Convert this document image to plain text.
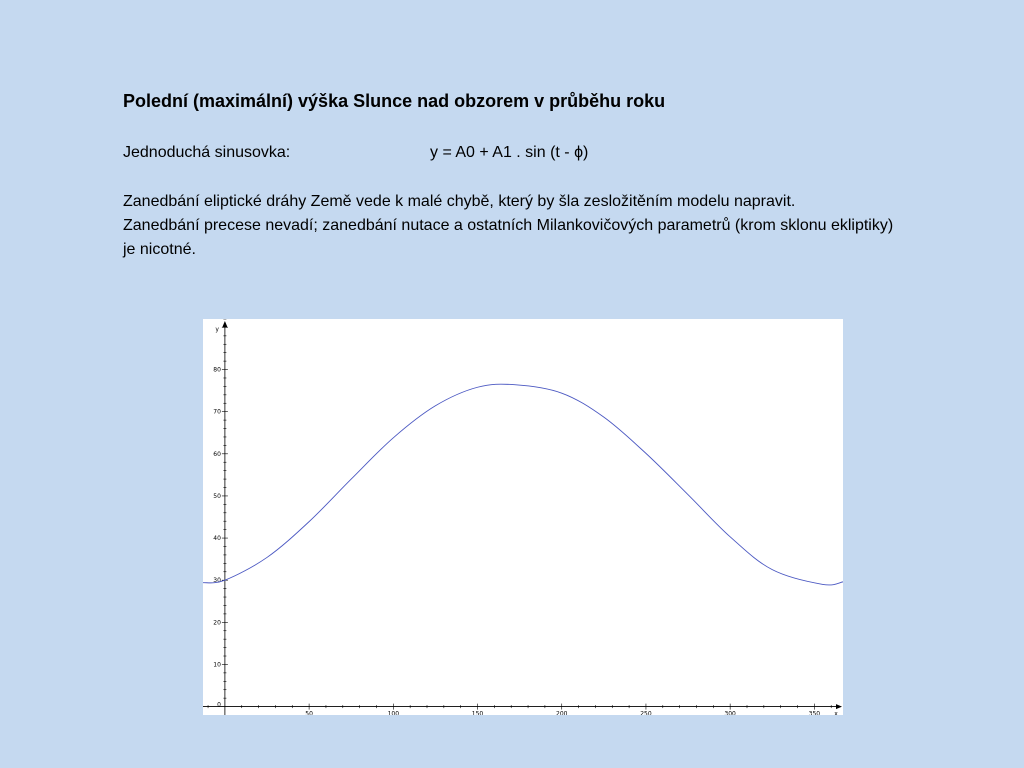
Polední (maximální) výška Slunce nad obzorem v průběhu roku
Jednoduchá sinusovka:	y = A0 + A1 . sin (t - ϕ)

Zanedbání eliptické dráhy Země vede k malé chybě, který by šla zesložitěním modelu napravit.

Zanedbání precese nevadí; zanedbání nutace a ostatních Milankovičových parametrů (krom sklonu ekliptiky) je nicotné.

50	100	150	200	250	300	350
0
10
20
30
40
50
60
70
80
x
y
